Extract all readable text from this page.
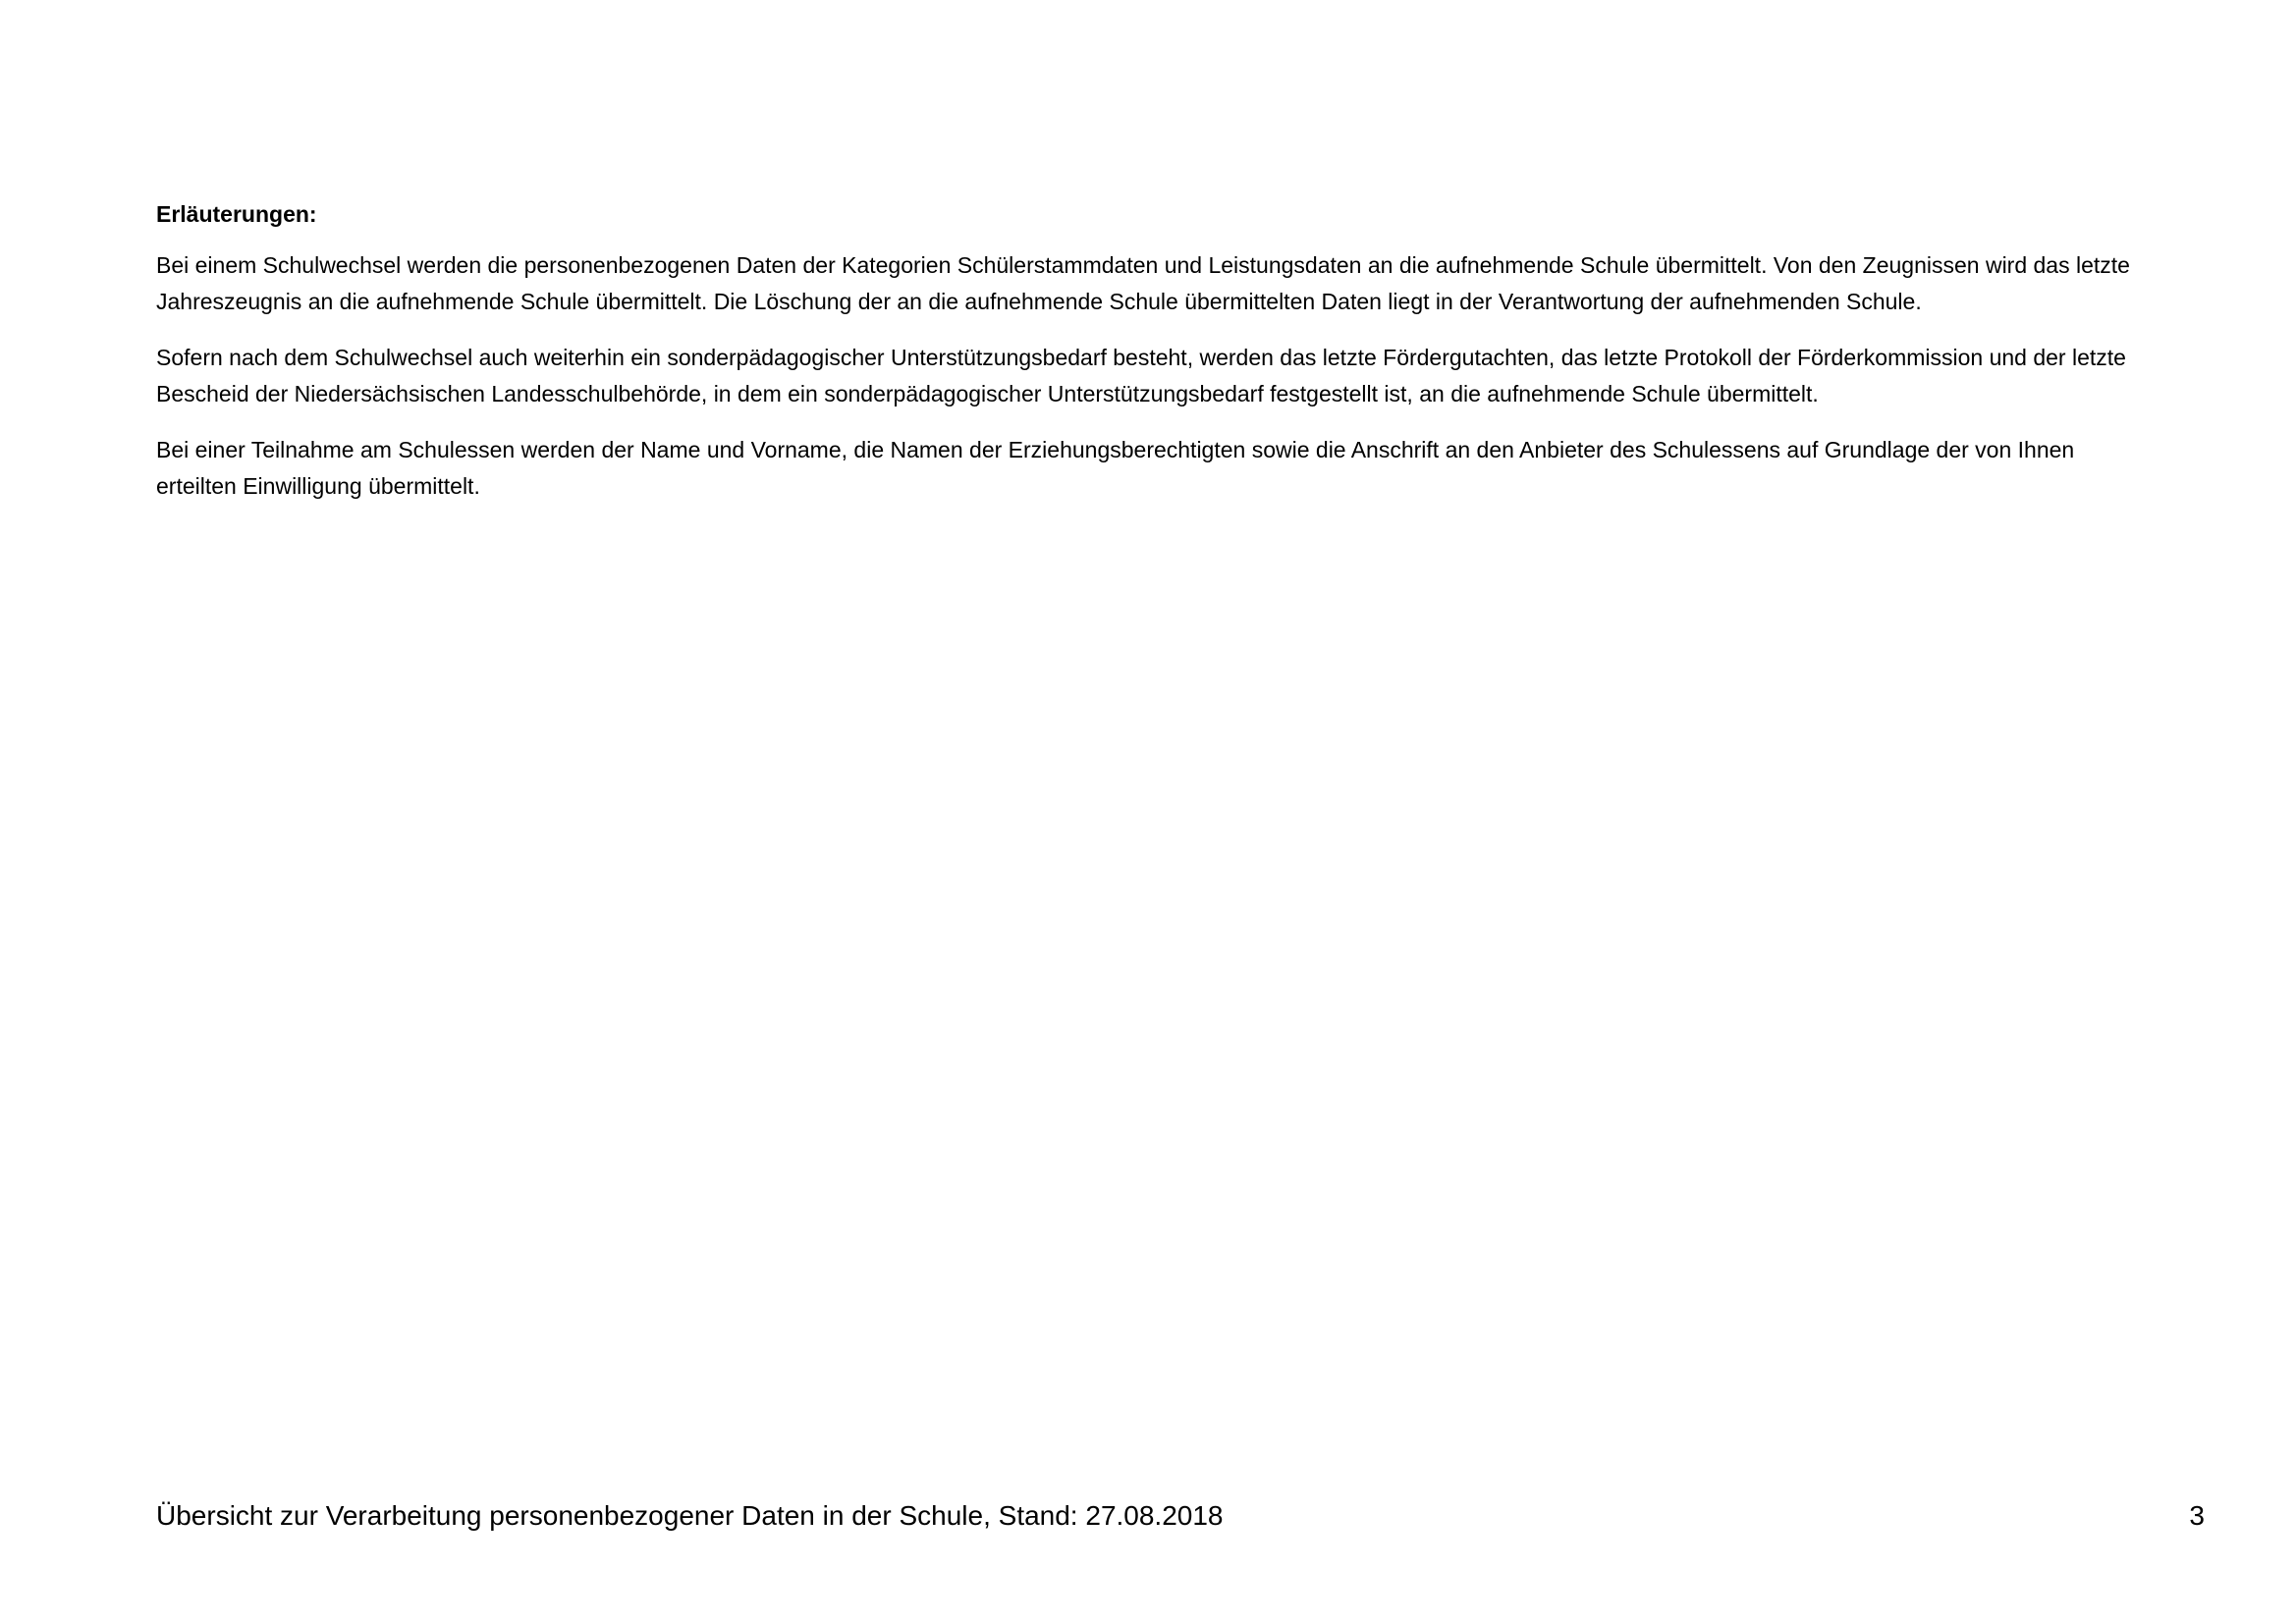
Erläuterungen:

Bei einem Schulwechsel werden die personenbezogenen Daten der Kategorien Schülerstammdaten und Leistungsdaten an die aufnehmende Schule übermittelt. Von den Zeugnissen wird das letzte Jahreszeugnis an die aufnehmende Schule übermittelt. Die Löschung der an die aufnehmende Schule übermittelten Daten liegt in der Verantwortung der aufnehmenden Schule.

Sofern nach dem Schulwechsel auch weiterhin ein sonderpädagogischer Unterstützungsbedarf besteht, werden das letzte Fördergutachten, das letzte Protokoll der Förderkommission und der letzte Bescheid der Niedersächsischen Landesschulbehörde, in dem ein sonderpädagogischer Unterstützungsbedarf festgestellt ist, an die aufnehmende Schule übermittelt.

Bei einer Teilnahme am Schulessen werden der Name und Vorname, die Namen der Erziehungsberechtigten sowie die Anschrift an den Anbieter des Schulessens auf Grundlage der von Ihnen erteilten Einwilligung übermittelt.

Übersicht zur Verarbeitung personenbezogener Daten in der Schule, Stand: 27.08.2018	3
